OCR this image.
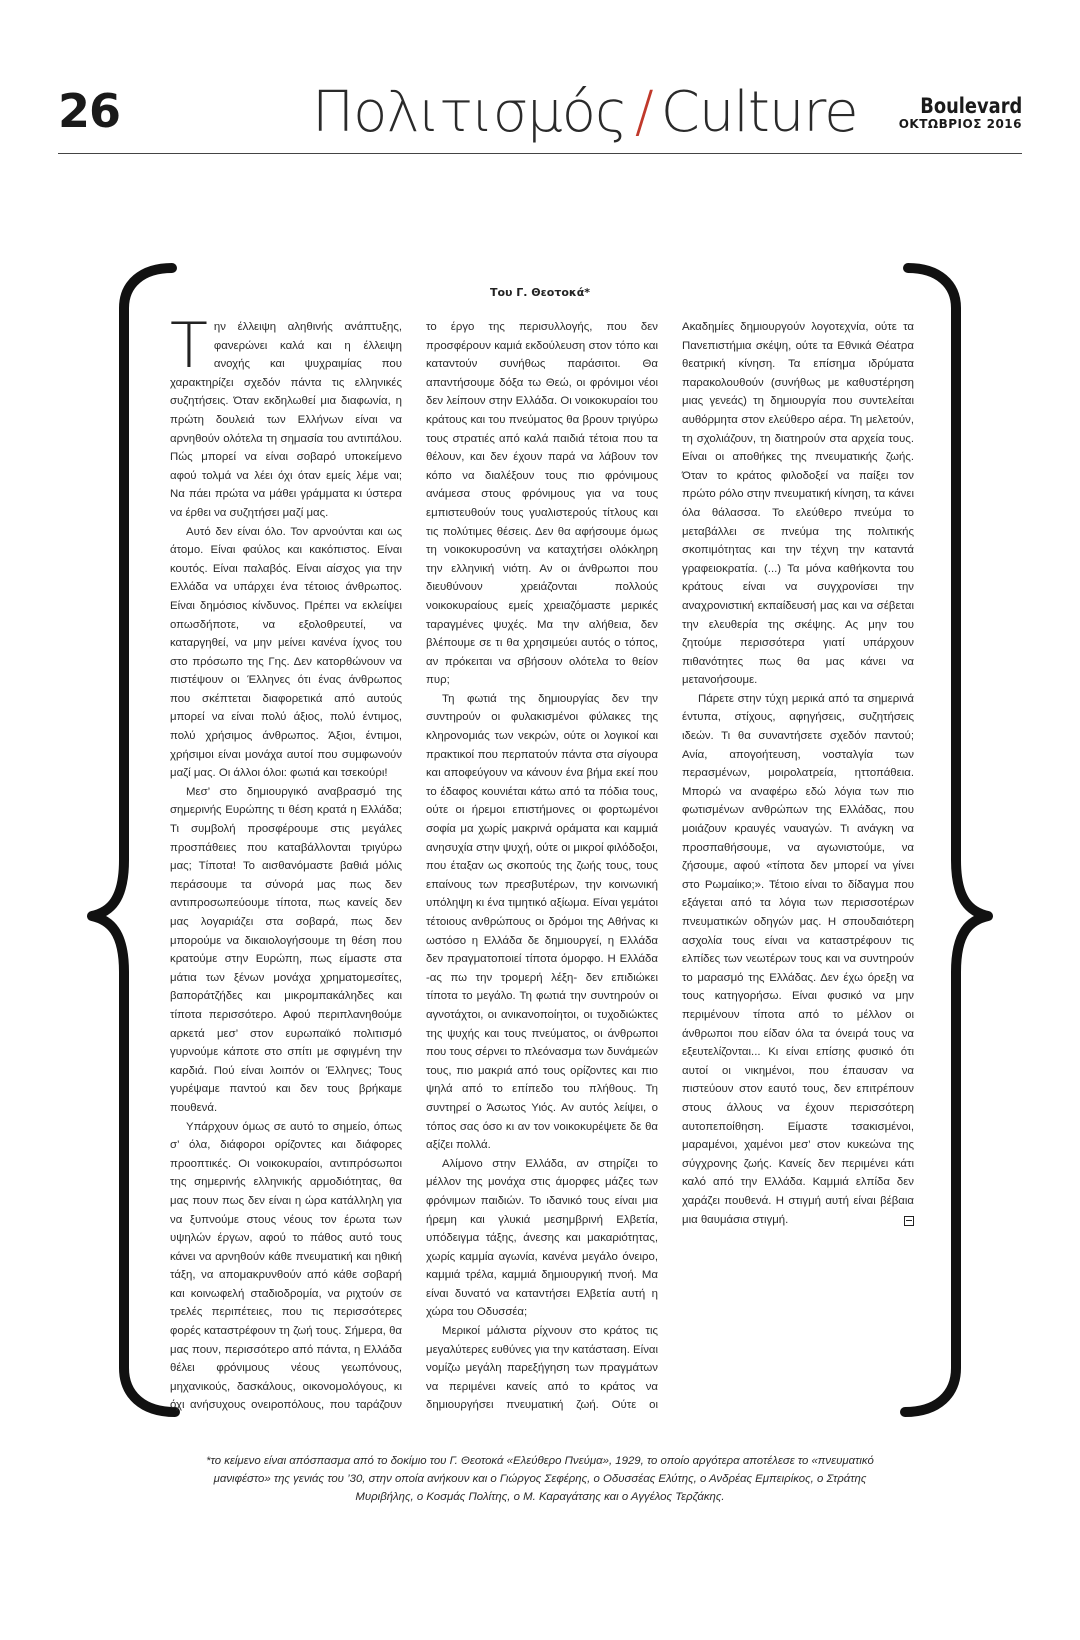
26	Πολιτισμός / Culture	Boulevard
ΟΚΤΩΒΡΙΟΣ 2016
Του Γ. Θεοτοκά*

Την έλλειψη αληθινής ανάπτυξης, φανερώνει καλά και η έλλειψη ανοχής και ψυχραιμίας που χαρακτηρίζει σχεδόν πάντα τις ελληνικές συζητήσεις. Όταν εκδηλωθεί μια διαφωνία, η πρώτη δουλειά των Ελλήνων είναι να αρνηθούν ολότελα τη σημασία του αντιπάλου. Πώς μπορεί να είναι σοβαρό υποκείμενο αφού τολμά να λέει όχι όταν εμείς λέμε ναι; Να πάει πρώτα να μάθει γράμματα κι ύστερα να έρθει να συζητήσει μαζί μας.

Αυτό δεν είναι όλο. Τον αρνούνται και ως άτομο. Είναι φαύλος και κακόπιστος. Είναι κουτός. Είναι παλαβός. Είναι αίσχος για την Ελλάδα να υπάρχει ένα τέτοιος άνθρωπος. Είναι δημόσιος κίνδυνος. Πρέπει να εκλείψει οπωσδήποτε, να εξολοθρευτεί, να καταργηθεί, να μην μείνει κανένα ίχνος του στο πρόσωπο της Γης. Δεν κατορθώνουν να πιστέψουν οι Έλληνες ότι ένας άνθρωπος που σκέπτεται διαφορετικά από αυτούς μπορεί να είναι πολύ άξιος, πολύ έντιμος, πολύ χρήσιμος άνθρωπος. Άξιοι, έντιμοι, χρήσιμοι είναι μονάχα αυτοί που συμφωνούν μαζί μας. Οι άλλοι όλοι: φωτιά και τσεκούρι!

Μεσ’ στο δημιουργικό αναβρασμό της σημερινής Ευρώπης τι θέση κρατά η Ελλάδα; Τι συμβολή προσφέρουμε στις μεγάλες προσπάθειες που καταβάλλονται τριγύρω μας; Τίποτα! Το αισθανόμαστε βαθιά μόλις περάσουμε τα σύνορά μας πως δεν αντιπροσωπεύουμε τίποτα, πως κανείς δεν μας λογαριάζει στα σοβαρά, πως δεν μπορούμε να δικαιολογήσουμε τη θέση που κρατούμε στην Ευρώπη, πως είμαστε στα μάτια των ξένων μονάχα χρηματομεσίτες, βαποράτζήδες και μικρομπακάληδες και τίποτα περισσότερο. Αφού περιπλανηθούμε αρκετά μεσ’ στον ευρωπαϊκό πολιτισμό γυρνούμε κάποτε στο σπίτι με σφιγμένη την καρδιά. Πού είναι λοιπόν οι Έλληνες; Τους γυρέψαμε παντού και δεν τους βρήκαμε πουθενά.

Υπάρχουν όμως σε αυτό το σημείο, όπως σ’ όλα, διάφοροι ορίζοντες και διάφορες προοπτικές. Οι νοικοκυραίοι, αντιπρόσωποι της σημερινής ελληνικής αρμοδιότητας, θα μας πουν πως δεν είναι η ώρα κατάλληλη για να ξυπνούμε στους νέους τον έρωτα των υψηλών έργων, αφού το πάθος αυτό τους κάνει να αρνηθούν κάθε πνευματική και ηθική τάξη, να απομακρυνθούν από κάθε σοβαρή και κοινωφελή σταδιοδρομία, να ριχτούν σε τρελές περιπέτειες, που τις περισσότερες φορές καταστρέφουν τη ζωή τους. Σήμερα, θα μας πουν, περισσότερο από πάντα, η Ελλάδα θέλει φρόνιμους νέους γεωπόνους, μηχανικούς, δασκάλους, οικονομολόγους, κι όχι ανήσυχους ονειροπόλους, που ταράζουν το έργο της περισυλλογής, που δεν προσφέρουν καμιά εκδούλευση στον τόπο και καταντούν συνήθως παράσιτοι. Θα απαντήσουμε δόξα τω Θεώ, οι φρόνιμοι νέοι δεν λείπουν στην Ελλάδα. Οι νοικοκυραίοι του κράτους και του πνεύματος θα βρουν τριγύρω τους στρατιές από καλά παιδιά τέτοια που τα θέλουν, και δεν έχουν παρά να λάβουν τον κόπο να διαλέξουν τους πιο φρόνιμους ανάμεσα στους φρόνιμους για να τους εμπιστευθούν τους γυαλιστερούς τίτλους και τις πολύτιμες θέσεις. Δεν θα αφήσουμε όμως τη νοικοκυροσύνη να καταχτήσει ολόκληρη την ελληνική νιότη. Αν οι άνθρωποι που διευθύνουν χρειάζονται πολλούς νοικοκυραίους εμείς χρειαζόμαστε μερικές ταραγμένες ψυχές. Μα την αλήθεια, δεν βλέπουμε σε τι θα χρησιμεύει αυτός ο τόπος, αν πρόκειται να σβήσουν ολότελα το θείον πυρ;

Τη φωτιά της δημιουργίας δεν την συντηρούν οι φυλακισμένοι φύλακες της κληρονομιάς των νεκρών, ούτε οι λογικοί και πρακτικοί που περπατούν πάντα στα σίγουρα και αποφεύγουν να κάνουν ένα βήμα εκεί που το έδαφος κουνιέται κάτω από τα πόδια τους, ούτε οι ήρεμοι επιστήμονες οι φορτωμένοι σοφία μα χωρίς μακρινά οράματα και καμμιά ανησυχία στην ψυχή, ούτε οι μικροί φιλόδοξοι, που έταξαν ως σκοπούς της ζωής τους, τους επαίνους των πρεσβυτέρων, την κοινωνική υπόληψη κι ένα τιμητικό αξίωμα. Είναι γεμάτοι τέτοιους ανθρώπους οι δρόμοι της Αθήνας κι ωστόσο η Ελλάδα δε δημιουργεί, η Ελλάδα δεν πραγματοποιεί τίποτα όμορφο. Η Ελλάδα -ας πω την τρομερή λέξη- δεν επιδιώκει τίποτα το μεγάλο. Τη φωτιά την συντηρούν οι αγνοτάχτοι, οι ανικανοποίητοι, οι τυχοδιώκτες της ψυχής και τους πνεύματος, οι άνθρωποι που τους σέρνει το πλεόνασμα των δυνάμεών τους, πιο μακριά από τους ορίζοντες και πιο ψηλά από το επίπεδο του πλήθους. Τη συντηρεί ο Άσωτος Υιός. Αν αυτός λείψει, ο τόπος σας όσο κι αν τον νοικοκυρέψετε δε θα αξίζει πολλά.

Αλίμονο στην Ελλάδα, αν στηρίζει το μέλλον της μονάχα στις άμορφες μάζες των φρόνιμων παιδιών. Το ιδανικό τους είναι μια ήρεμη και γλυκιά μεσημβρινή Ελβετία, υπόδειγμα τάξης, άνεσης και μακαριότητας, χωρίς καμμία αγωνία, κανένα μεγάλο όνειρο, καμμιά τρέλα, καμμιά δημιουργική πνοή. Μα είναι δυνατό να καταντήσει Ελβετία αυτή η χώρα του Οδυσσέα;

Μερικοί μάλιστα ρίχνουν στο κράτος τις μεγαλύτερες ευθύνες για την κατάσταση. Είναι νομίζω μεγάλη παρεξήγηση των πραγμάτων να περιμένει κανείς από το κράτος να δημιουργήσει πνευματική ζωή. Ούτε οι Ακαδημίες δημιουργούν λογοτεχνία, ούτε τα Πανεπιστήμια σκέψη, ούτε τα Εθνικά Θέατρα θεατρική κίνηση. Τα επίσημα ιδρύματα παρακολουθούν (συνήθως με καθυστέρηση μιας γενεάς) τη δημιουργία που συντελείται αυθόρμητα στον ελεύθερο αέρα. Τη μελετούν, τη σχολιάζουν, τη διατηρούν στα αρχεία τους. Είναι οι αποθήκες της πνευματικής ζωής. Όταν το κράτος φιλοδοξεί να παίξει τον πρώτο ρόλο στην πνευματική κίνηση, τα κάνει όλα θάλασσα. Το ελεύθερο πνεύμα το μεταβάλλει σε πνεύμα της πολιτικής σκοπιμότητας και την τέχνη την καταντά γραφειοκρατία. (...) Τα μόνα καθήκοντα του κράτους είναι να συγχρονίσει την αναχρονιστική εκπαίδευσή μας και να σέβεται την ελευθερία της σκέψης. Ας μην του ζητούμε περισσότερα γιατί υπάρχουν πιθανότητες πως θα μας κάνει να μετανοήσουμε.

Πάρετε στην τύχη μερικά από τα σημερινά έντυπα, στίχους, αφηγήσεις, συζητήσεις ιδεών. Τι θα συναντήσετε σχεδόν παντού; Ανία, απογοήτευση, νοσταλγία των περασμένων, μοιρολατρεία, ηττοπάθεια. Μπορώ να αναφέρω εδώ λόγια των πιο φωτισμένων ανθρώπων της Ελλάδας, που μοιάζουν κραυγές ναυαγών. Τι ανάγκη να προσπαθήσουμε, να αγωνιστούμε, να ζήσουμε, αφού «τίποτα δεν μπορεί να γίνει στο Ρωμαίικο;». Τέτοιο είναι το δίδαγμα που εξάγεται από τα λόγια των περισσοτέρων πνευματικών οδηγών μας. Η σπουδαιότερη ασχολία τους είναι να καταστρέφουν τις ελπίδες των νεωτέρων τους και να συντηρούν το μαρασμό της Ελλάδας. Δεν έχω όρεξη να τους κατηγορήσω. Είναι φυσικό να μην περιμένουν τίποτα από το μέλλον οι άνθρωποι που είδαν όλα τα όνειρά τους να εξευτελίζονται... Κι είναι επίσης φυσικό ότι αυτοί οι νικημένοι, που έπαυσαν να πιστεύουν στον εαυτό τους, δεν επιτρέπουν στους άλλους να έχουν περισσότερη αυτοπεποίθηση. Είμαστε τσακισμένοι, μαραμένοι, χαμένοι μεσ’ στον κυκεώνα της σύγχρονης ζωής. Κανείς δεν περιμένει κάτι καλό από την Ελλάδα. Καμμιά ελπίδα δεν χαράζει πουθενά. Η στιγμή αυτή είναι βέβαια μια θαυμάσια στιγμή.

*το κείμενο είναι απόσπασμα από το δοκίμιο του Γ. Θεοτοκά «Ελεύθερο Πνεύμα», 1929, το οποίο αργότερα αποτέλεσε το «πνευματικό μανιφέστο» της γενιάς του ’30, στην οποία ανήκουν και ο Γιώργος Σεφέρης, ο Οδυσσέας Ελύτης, ο Ανδρέας Εμπειρίκος, ο Στράτης Μυριβήλης, ο Κοσμάς Πολίτης, ο Μ. Καραγάτσης και ο Αγγέλος Τερζάκης.
